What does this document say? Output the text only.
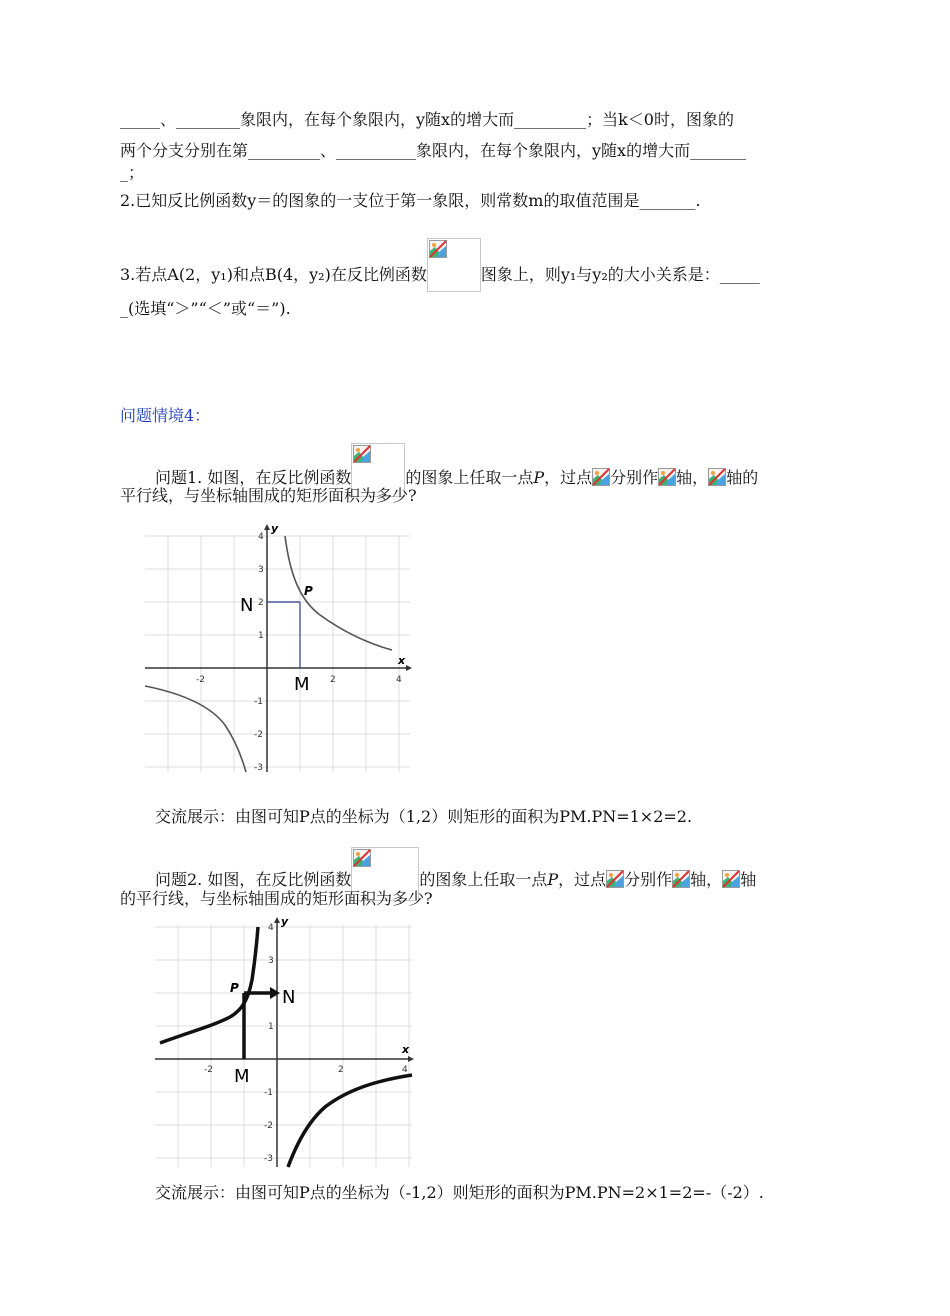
_____、________象限内，在每个象限内，y随x的增大而_________；当k＜0时，图象的
两个分支分别在第_________、__________象限内，在每个象限内，y随x的增大而_______
_；
2.已知反比例函数y＝的图象的一支位于第一象限，则常数m的取值范围是_______.
3.若点A(2，y₁)和点B(4，y₂)在反比例函数	图象上，则y₁与y₂的大小关系是：_____
_(选填“＞”“＜”或“＝”).
问题情境4：
问题1. 如图，在反比例函数	的图象上任取一点P，过点 分别作 轴， 轴的
平行线，与坐标轴围成的矩形面积为多少?
x
y
-2	2	4
4
3
2
1
-1
-2
-3
P
N
M
交流展示：由图可知P点的坐标为（1,2）则矩形的面积为PM.PN=1×2=2.
问题2. 如图，在反比例函数	的图象上任取一点P，过点 分别作 轴， 轴
的平行线，与坐标轴围成的矩形面积为多少?
x
y
-2	2	4
4
3
1
-1
-2
-3
P N
M
交流展示：由图可知P点的坐标为（-1,2）则矩形的面积为PM.PN=2×1=2=-（-2）.
